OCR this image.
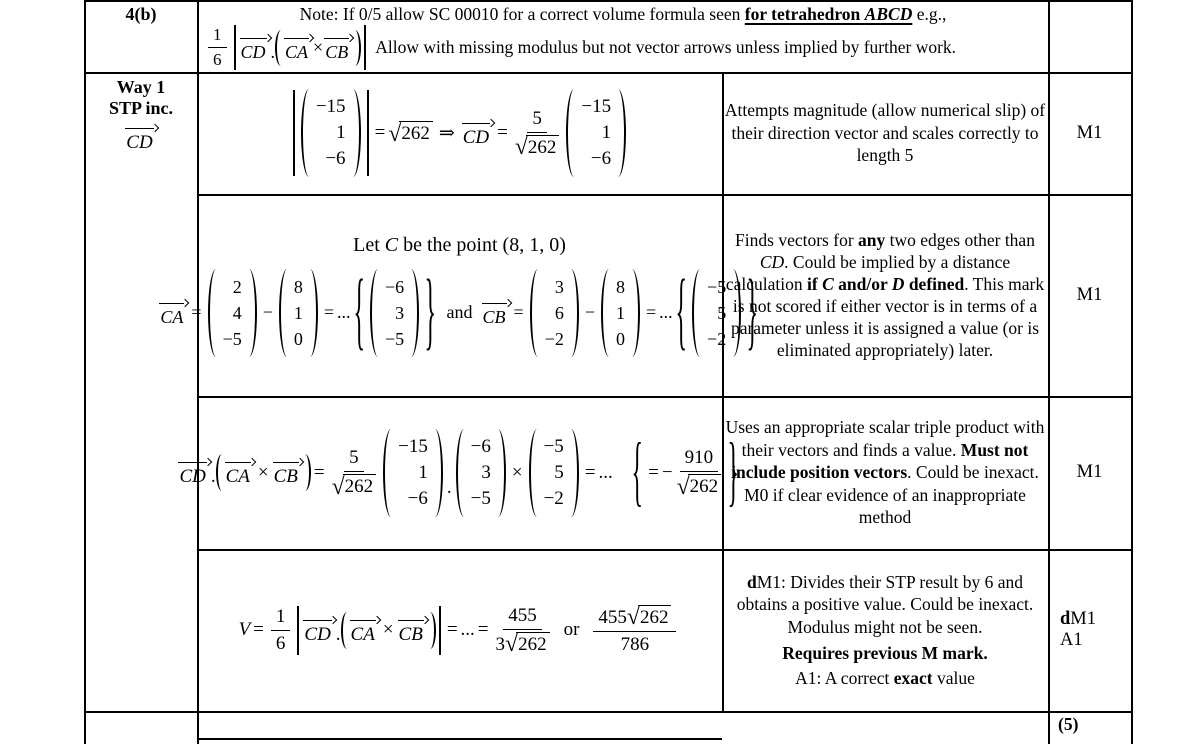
4(b)	Note: If 0/5 allow SC 00010 for a correct volume formula seen for tetrahedron ABCD e.g.,
$\frac{1}{6}$ CD . CA × CB Allow with missing modulus but not vector arrows unless implied by further work.
Way 1
STP inc.
CD
−15
1
−6
= √ 262 ⇒ CD = $\frac{5}{√ 262}$
−15
1
−6
Attempts magnitude (allow numerical slip) of their direction vector and scales correctly to length 5
M1
Let C be the point (8, 1, 0)
CA =
2
4
−5
−
8
1
0
= ... { −6
3
−5 } and CB =
3
6
−2
−
8
1
0
= ... { −5
5
−2 }
Finds vectors for any two edges other than CD. Could be implied by a distance calculation if C and/or D defined. This mark is not scored if either vector is in terms of a parameter unless it is assigned a value (or is eliminated appropriately) later.
M1
CD . CA × CB = $\frac{5}{√ 262}$
−15
1
−6
.
−6
3
−5
×
−5
5
−2
= ... { = − $\frac{910}{√ 262}$ }
Uses an appropriate scalar triple product with their vectors and finds a value. Must not include position vectors. Could be inexact. M0 if clear evidence of an inappropriate method
M1
$V = \frac{1}{6}$ CD . CA × CB = ... = $\frac{455}{3 √ 262}$ or $\frac{455 √ 262}{786}$
dM1: Divides their STP result by 6 and obtains a positive value. Could be inexact. Modulus might not be seen.
Requires previous M mark.
A1: A correct exact value
dM1
A1
(5)
